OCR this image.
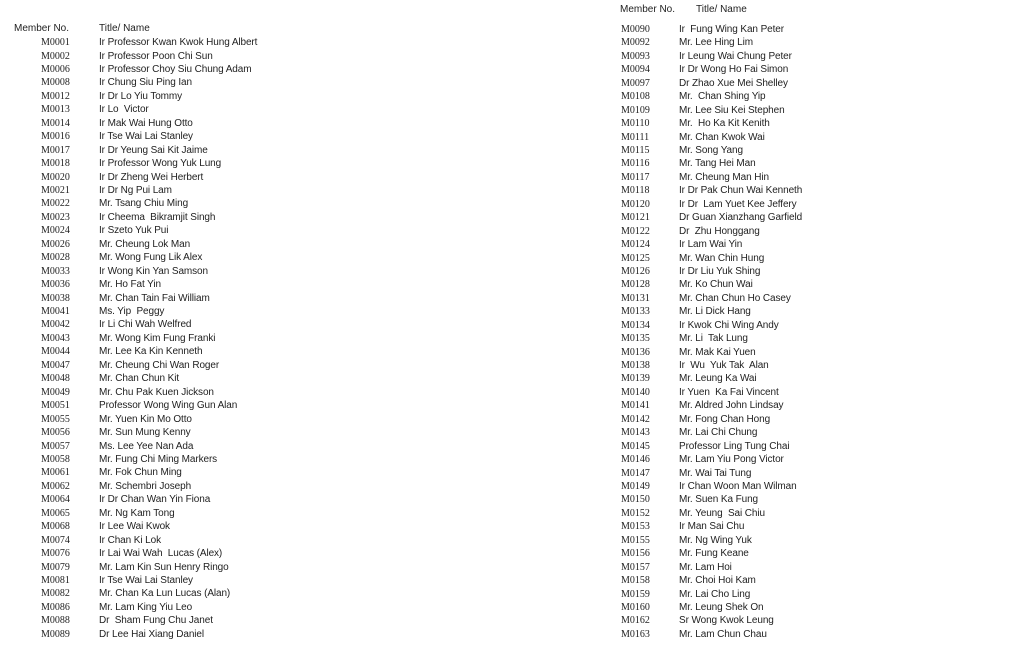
Member No.	Title/ Name
M0001	Ir Professor Kwan Kwok Hung Albert
M0002	Ir Professor Poon Chi Sun
M0006	Ir Professor Choy Siu Chung Adam
M0008	Ir Chung Siu Ping Ian
M0012	Ir Dr Lo Yiu Tommy
M0013	Ir Lo  Victor
M0014	Ir Mak Wai Hung Otto
M0016	Ir Tse Wai Lai Stanley
M0017	Ir Dr Yeung Sai Kit Jaime
M0018	Ir Professor Wong Yuk Lung
M0020	Ir Dr Zheng Wei Herbert
M0021	Ir Dr Ng Pui Lam
M0022	Mr. Tsang Chiu Ming
M0023	Ir Cheema  Bikramjit Singh
M0024	Ir Szeto Yuk Pui
M0026	Mr. Cheung Lok Man
M0028	Mr. Wong Fung Lik Alex
M0033	Ir Wong Kin Yan Samson
M0036	Mr. Ho Fat Yin
M0038	Mr. Chan Tain Fai William
M0041	Ms. Yip  Peggy
M0042	Ir Li Chi Wah Welfred
M0043	Mr. Wong Kim Fung Franki
M0044	Mr. Lee Ka Kin Kenneth
M0047	Mr. Cheung Chi Wan Roger
M0048	Mr. Chan Chun Kit
M0049	Mr. Chu Pak Kuen Jickson
M0051	Professor Wong Wing Gun Alan
M0055	Mr. Yuen Kin Mo Otto
M0056	Mr. Sun Mung Kenny
M0057	Ms. Lee Yee Nan Ada
M0058	Mr. Fung Chi Ming Markers
M0061	Mr. Fok Chun Ming
M0062	Mr. Schembri Joseph
M0064	Ir Dr Chan Wan Yin Fiona
M0065	Mr. Ng Kam Tong
M0068	Ir Lee Wai Kwok
M0074	Ir Chan Ki Lok
M0076	Ir Lai Wai Wah  Lucas (Alex)
M0079	Mr. Lam Kin Sun Henry Ringo
M0081	Ir Tse Wai Lai Stanley
M0082	Mr. Chan Ka Lun Lucas (Alan)
M0086	Mr. Lam King Yiu Leo
M0088	Dr  Sham Fung Chu Janet
M0089	Dr Lee Hai Xiang Daniel
Member No. Title/ Name
M0090	Ir  Fung Wing Kan Peter
M0092	Mr. Lee Hing Lim
M0093	Ir Leung Wai Chung Peter
M0094	Ir Dr Wong Ho Fai Simon
M0097	Dr Zhao Xue Mei Shelley
M0108	Mr.  Chan Shing Yip
M0109	Mr. Lee Siu Kei Stephen
M0110	Mr.  Ho Ka Kit Kenith
M0111	Mr. Chan Kwok Wai
M0115	Mr. Song Yang
M0116	Mr. Tang Hei Man
M0117	Mr. Cheung Man Hin
M0118	Ir Dr Pak Chun Wai Kenneth
M0120	Ir Dr  Lam Yuet Kee Jeffery
M0121	Dr Guan Xianzhang Garfield
M0122	Dr  Zhu Honggang
M0124	Ir Lam Wai Yin
M0125	Mr. Wan Chin Hung
M0126	Ir Dr Liu Yuk Shing
M0128	Mr. Ko Chun Wai
M0131	Mr. Chan Chun Ho Casey
M0133	Mr. Li Dick Hang
M0134	Ir Kwok Chi Wing Andy
M0135	Mr. Li  Tak Lung
M0136	Mr. Mak Kai Yuen
M0138	Ir  Wu  Yuk Tak  Alan
M0139	Mr. Leung Ka Wai
M0140	Ir Yuen  Ka Fai Vincent
M0141	Mr. Aldred John Lindsay
M0142	Mr. Fong Chan Hong
M0143	Mr. Lai Chi Chung
M0145	Professor Ling Tung Chai
M0146	Mr. Lam Yiu Pong Victor
M0147	Mr. Wai Tai Tung
M0149	Ir Chan Woon Man Wilman
M0150	Mr. Suen Ka Fung
M0152	Mr. Yeung  Sai Chiu
M0153	Ir Man Sai Chu
M0155	Mr. Ng Wing Yuk
M0156	Mr. Fung Keane
M0157	Mr. Lam Hoi
M0158	Mr. Choi Hoi Kam
M0159	Mr. Lai Cho Ling
M0160	Mr. Leung Shek On
M0162	Sr Wong Kwok Leung
M0163	Mr. Lam Chun Chau
